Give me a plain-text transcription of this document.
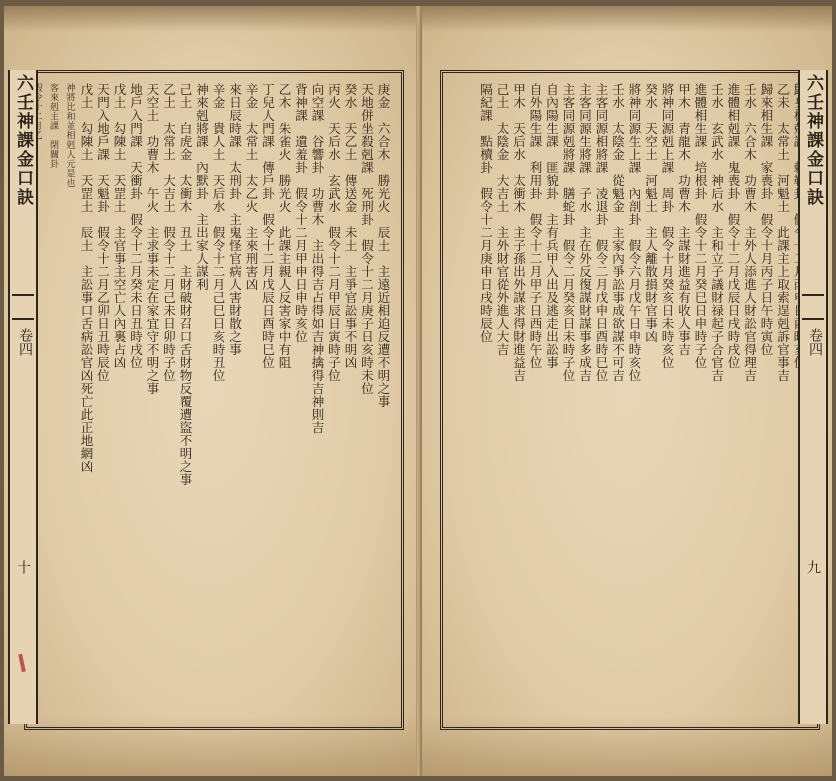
乙未　太常土　河魁土　此課主上取索逞剋訴官事吉

歸來相生課　家喪卦　假令十月丙子日午時寅位

壬水　六合木　功曹木　主外人添進人財訟官得理吉

進體相剋課　鬼喪卦　假令十二月戊辰日戌時戌位

壬水　玄武水　神后水　主和立子議財禄起子合官吉

進體相生課　培根卦　假令十二月癸巳日申時子位

甲木　青龍木　功曹木　主謀財進益有收人事吉

將神同源剋上課　周卦　假令十月癸亥日未時亥位

癸水　天空土　河魁土　主人離散損財官事凶

將神同源生上課　內剖卦　假令六月戊午日申時亥位

壬水　太陰金　從魁金　主家內爭訟事成欲謀不可吉

主客同源相將課　凌退卦　假令二月戊申日酉時巳位

主客同源生將課　子水　主在外反復謀財謀事多成吉

主客同源剋將課　膳蛇卦　假令二月癸亥日未時子位

自內陽生課　匪貌卦　主有兵甲入出及逃走出訟事

自外陽生課　利用卦　假令十二月甲子日西時午位

甲木　天后水　太衝木　主子孫出外謀求得財進益吉

己土　太陰金　大吉土　主外財官從外進人大吉

隔紀課　點櫝卦　假令十二月庚申日戌時辰位	六壬神課金口訣
卷四
九

庚金　六合木　勝光火　辰土　主遠近相迫反遭不明之事

天地併坐殺剋課　死刑卦　假令十二月庚子日亥時未位

癸水　天乙土　傳送金　未土　主爭官訟事不明凶

丙火　天后水　玄武水　假令十二月甲辰日寅時子位

向空課　谷響卦　功曹木　主出得吉占得如吉神擒得吉神則吉

背神課　遺羞卦　假令十二月甲申日申時亥位

乙木　朱雀火　勝光火　此課主親人反害家中有阻

丁兒人門課　傳戶卦　假令十二月戊辰日酉時巳位

辛金　太常土　太乙火　主來刑害凶

來日辰時課　太刑卦　主鬼怪官病人害財散之事

辛金　貴人土　天后水　假令十二月己巳日亥時丑位

神來剋將課　內默卦　主出家人謀利

己土　白虎金　太衝木　丑土　主財破財召口舌財物反覆遭盜不明之事

乙土　太常土　大吉土　假令十二月己未日卯時子位

天空土　功曹木　午火　主求事未定在家宜守不明之事

地戶入門課　天衝卦　假令十二月癸未日丑時戌位

戊土　勾陳土　天罡土　主官事主空亡人內裏占凶

天門入地戶課　天魁卦　假令十二月乙卯日丑時辰位

戊土　勾陳土　天罡土　辰土　主訟事口舌病訟官凶死亡此正地網凶

神將比和並相剋人元是也

客來剋主課　閉關卦

六壬神課金口訣
卷四
十
